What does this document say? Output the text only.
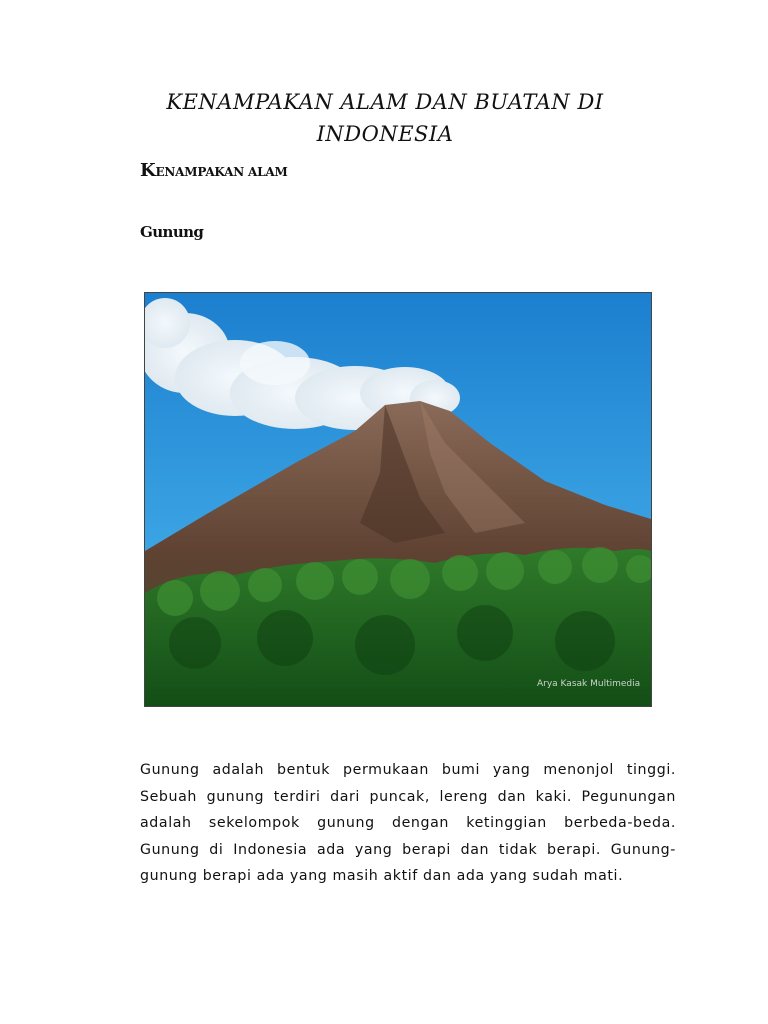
KENAMPAKAN ALAM DAN BUATAN DI INDONESIA
KENAMPAKAN ALAM
Gunung
Arya Kasak Multimedia

Gunung adalah bentuk permukaan bumi yang menonjol tinggi. Sebuah gunung terdiri dari puncak, lereng dan kaki. Pegunungan adalah sekelompok gunung dengan ketinggian berbeda-beda. Gunung di Indonesia ada yang berapi dan tidak berapi. Gunung-gunung berapi ada yang masih aktif dan ada yang sudah mati.
